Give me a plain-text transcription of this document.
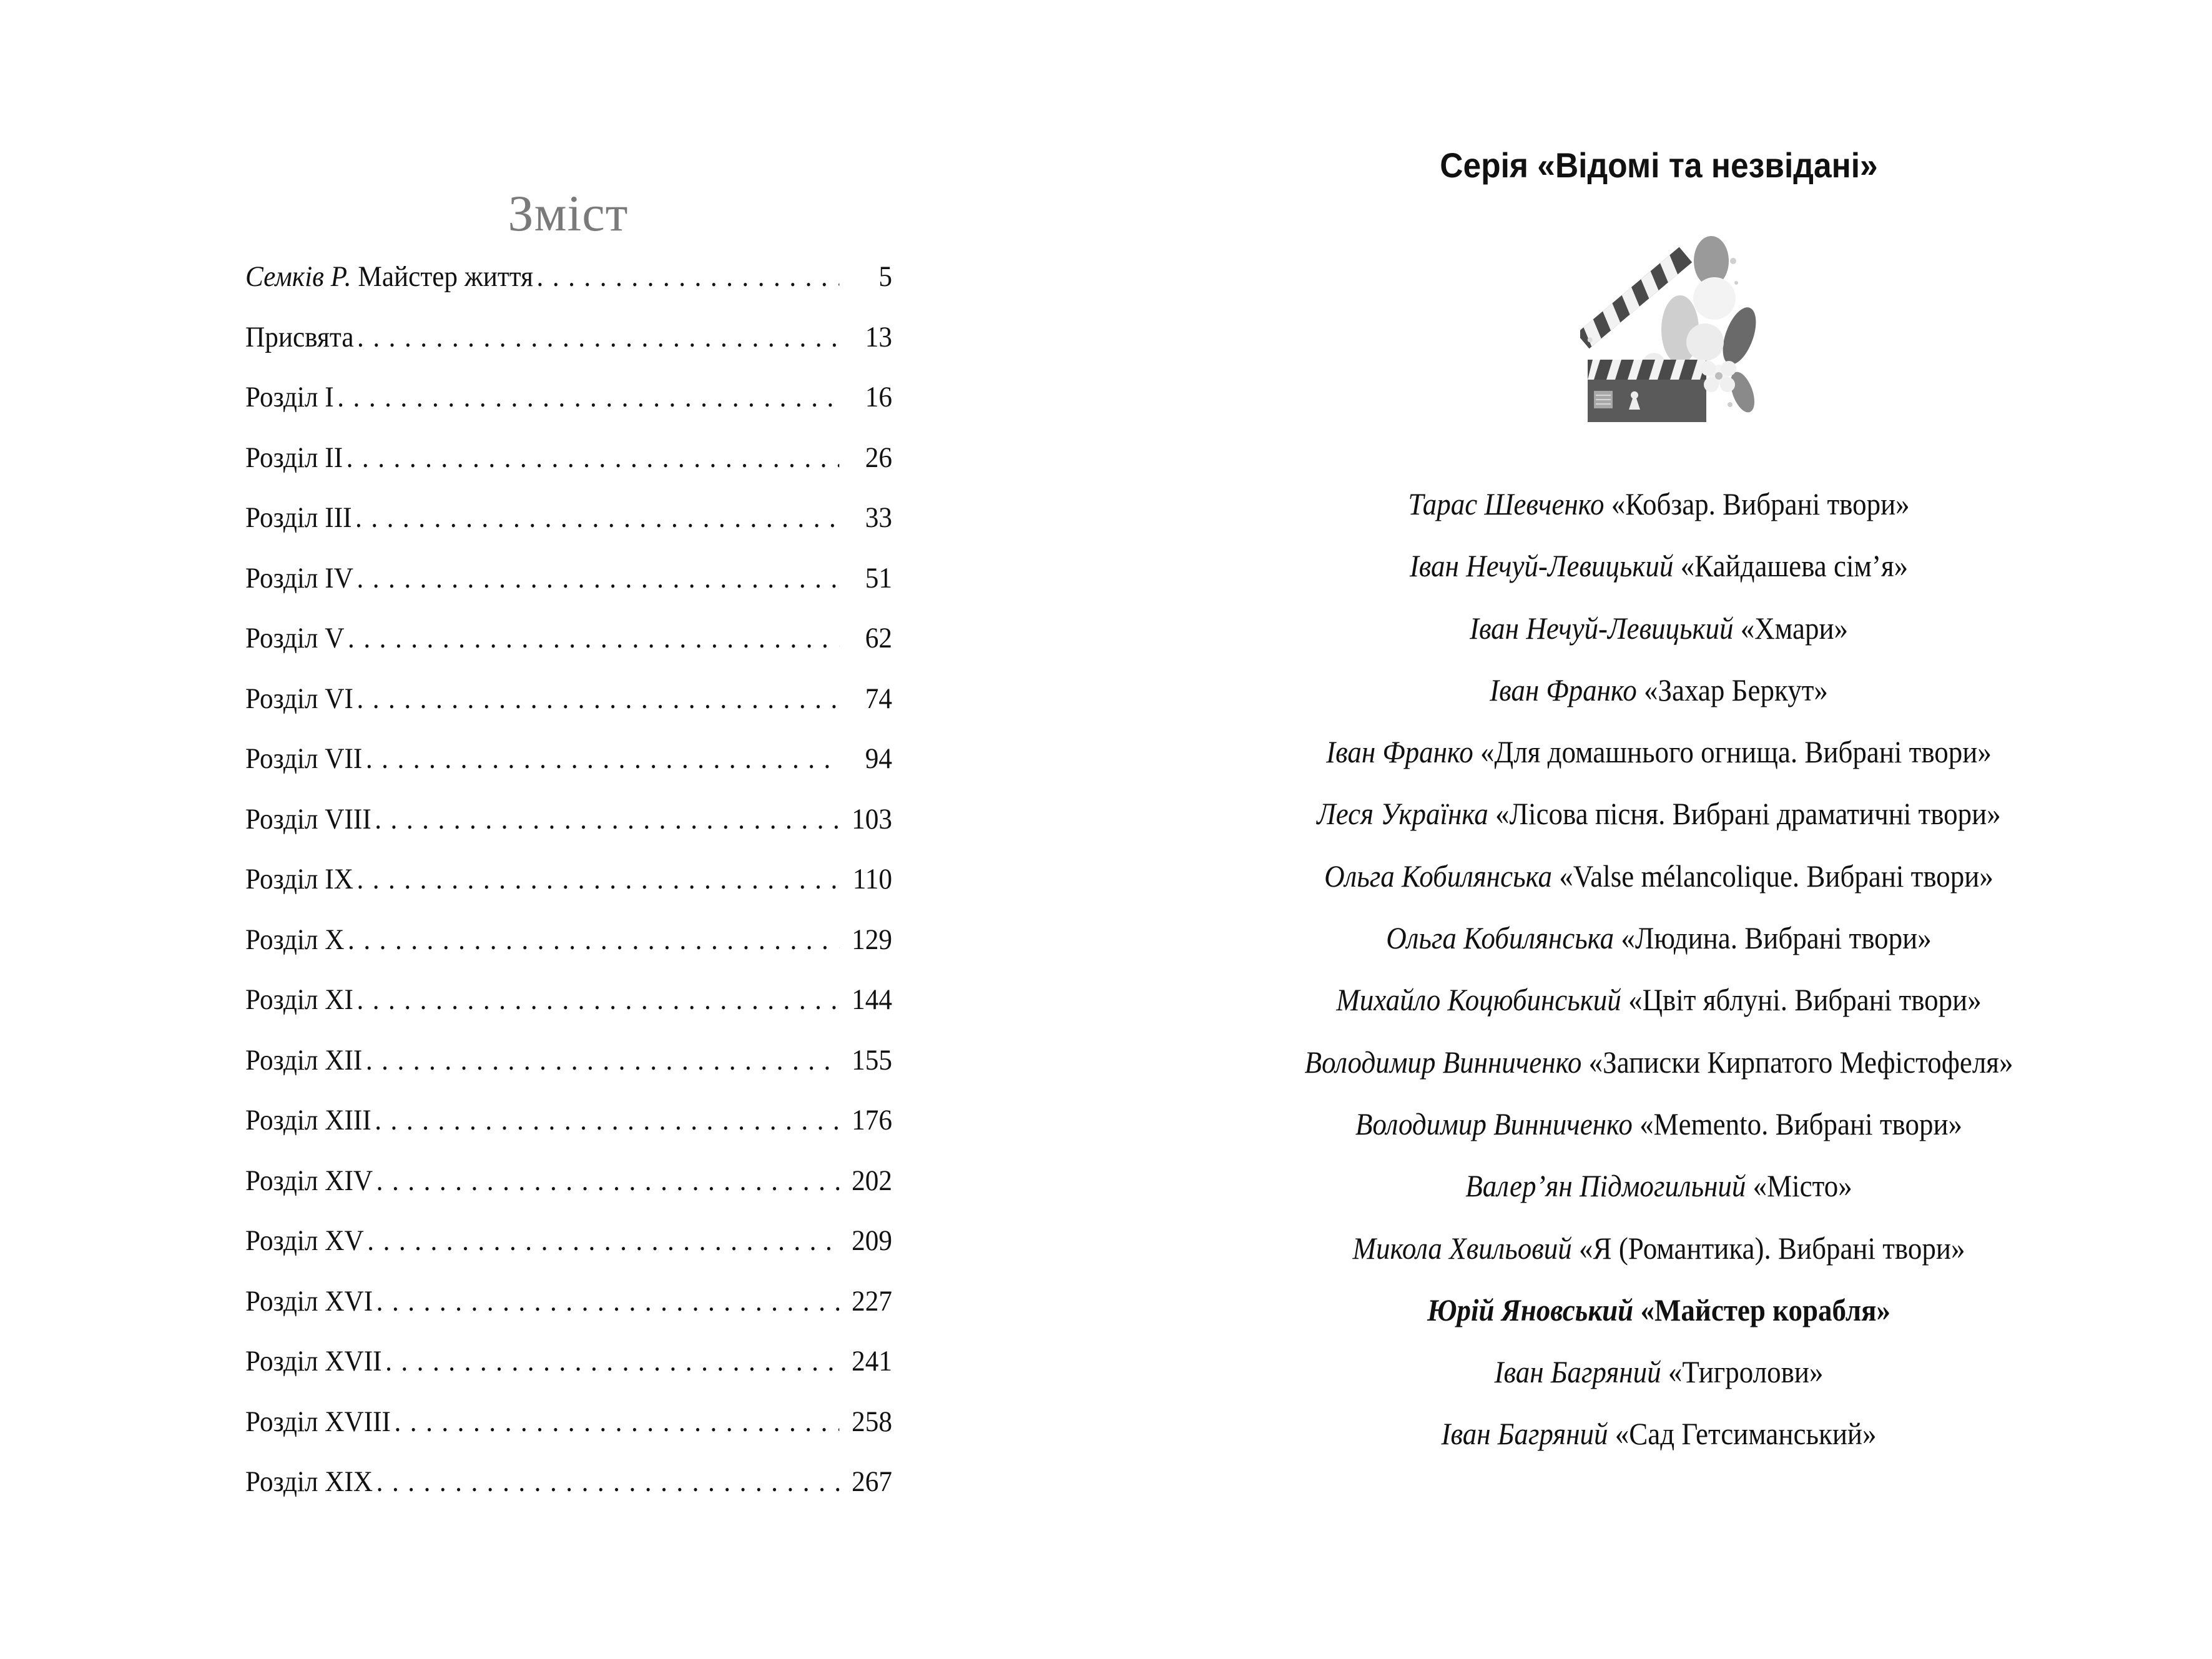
Зміст
Семків Р. Майстер життя . . .	5
Присвята . . .	13
Розділ I . . .	16
Розділ II . . .	26
Розділ III . . .	33
Розділ IV . . .	51
Розділ V . . .	62
Розділ VI . . .	74
Розділ VII . . .	94
Розділ VIII . . .	103
Розділ IX . . .	110
Розділ X . . .	129
Розділ XI . . .	144
Розділ XII . . .	155
Розділ XIII . . .	176
Розділ XIV . . .	202
Розділ XV . . .	209
Розділ XVI . . .	227
Розділ XVII . . .	241
Розділ XVIII . . .	258
Розділ XIX . . .	267
Серія «Відомі та незвідані»
Тарас Шевченко «Кобзар. Вибрані твори»
Іван Нечуй-Левицький «Кайдашева сім’я»
Іван Нечуй-Левицький «Хмари»
Іван Франко «Захар Беркут»
Іван Франко «Для домашнього огнища. Вибрані твори»
Леся Українка «Лісова пісня. Вибрані драматичні твори»
Ольга Кобилянська «Valse mélancolique. Вибрані твори»
Ольга Кобилянська «Людина. Вибрані твори»
Михайло Коцюбинський «Цвіт яблуні. Вибрані твори»
Володимир Винниченко «Записки Кирпатого Мефістофеля»
Володимир Винниченко «Memento. Вибрані твори»
Валер’ян Підмогильний «Місто»
Микола Хвильовий «Я (Романтика). Вибрані твори»
Юрій Яновський «Майстер корабля»
Іван Багряний «Тигролови»
Іван Багряний «Сад Гетсиманський»
